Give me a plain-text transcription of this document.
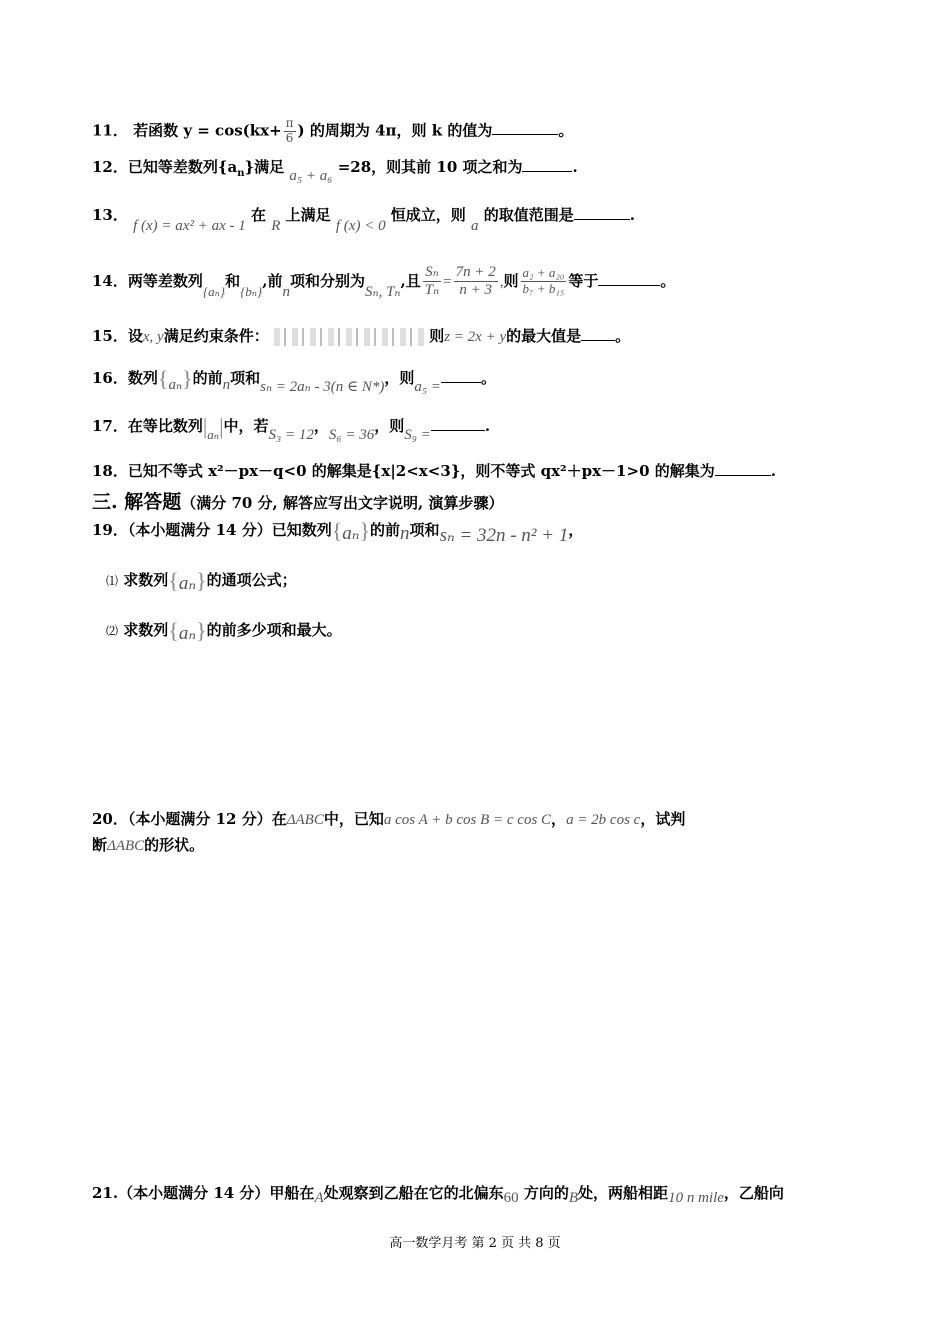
11． 若函数 $y = \cos(kx+ \frac{\pi}{6}$ ) 的周期为 4π，则 k 的值为	。
12．已知等差数列$\{a_n\}$满足 a₅ + a₆ =28，则其前 10 项之和为	.
13． f (x) = ax² + ax - 1 在 R 上满足 f (x) < 0 恒成立，则 a 的取值范围是	.
14．两等差数列{aₙ}和{bₙ},前n项和分别为Sₙ, Tₙ,且 $\frac{\text{Sₙ}}{\text{Tₙ}} = \frac{7n + 2}{n + 3}$ ,则 $\frac{\text{a₂ + a₂₀}}{\text{b₇ + b₁₅}}$ 等于	。
15．设x, y满足约束条件：	则z = 2x + y的最大值是 。
16．数列{aₙ}的前n项和sₙ = 2aₙ - 3(n ∈ N*)，则a₅ =	。
17．在等比数列|aₙ|中，若S₃ = 12，S₆ = 36，则S₉ =	.
18．已知不等式 x²－px－q<0 的解集是{x|2<x<3}，则不等式 qx²＋px－1>0 的解集为	.
三. 解答题（满分 70 分, 解答应写出文字说明, 演算步骤）
19．（本小题满分 14 分）已知数列{aₙ}的前n项和sₙ = 32n - n² + 1，
⑴ 求数列{aₙ}的通项公式；
⑵ 求数列{aₙ}的前多少项和最大。
20．（本小题满分 12 分）在ΔABC中，已知a cos A + b cos B = c cos C，a = 2b cos c，试判
断ΔABC的形状。
21.（本小题满分 14 分）甲船在A处观察到乙船在它的北偏东60 方向的B处，两船相距10 n mile，乙船向
高一数学月考 第 2 页 共 8 页
